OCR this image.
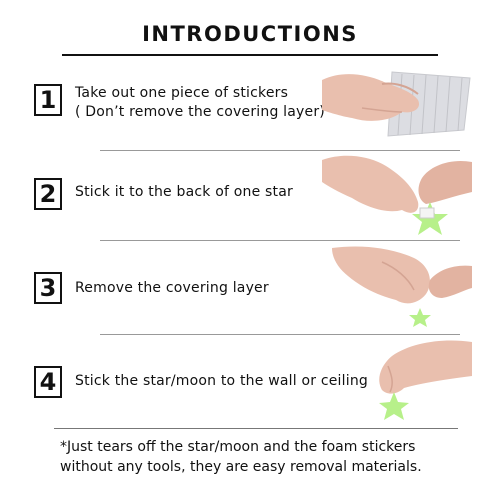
INTRODUCTIONS
1	Take out one piece of stickers
( Don’t remove the covering layer)
2	Stick it to the back of one star
3	Remove the covering layer
4	Stick the star/moon to the wall or ceiling
*Just tears off the star/moon and the foam stickers
without any tools, they are easy removal materials.
